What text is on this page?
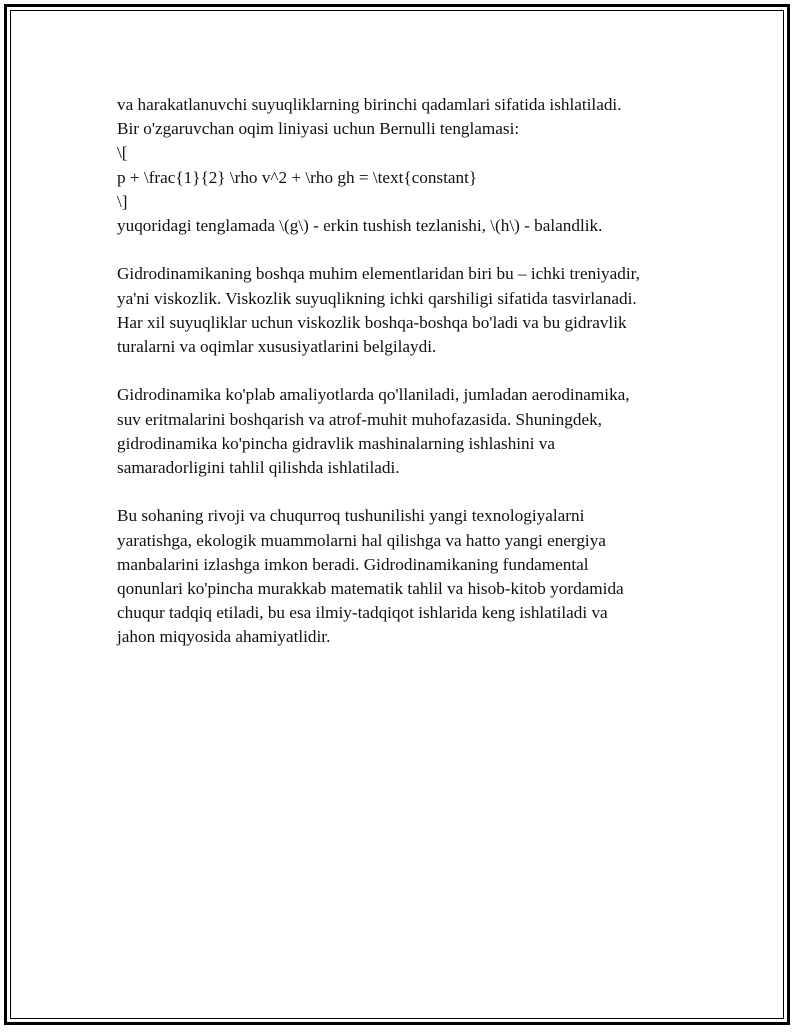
va harakatlanuvchi suyuqliklarning birinchi qadamlari sifatida ishlatiladi.
Bir o'zgaruvchan oqim liniyasi uchun Bernulli tenglamasi:
\[
p + \frac{1}{2} \rho v^2 + \rho gh = \text{constant}
\]
yuqoridagi tenglamada \(g\) - erkin tushish tezlanishi, \(h\) - balandlik.

Gidrodinamikaning boshqa muhim elementlaridan biri bu – ichki treniyadir,
ya'ni viskozlik. Viskozlik suyuqlikning ichki qarshiligi sifatida tasvirlanadi.
Har xil suyuqliklar uchun viskozlik boshqa-boshqa bo'ladi va bu gidravlik
turalarni va oqimlar xususiyatlarini belgilaydi.

Gidrodinamika ko'plab amaliyotlarda qo'llaniladi, jumladan aerodinamika,
suv eritmalarini boshqarish va atrof-muhit muhofazasida. Shuningdek,
gidrodinamika ko'pincha gidravlik mashinalarning ishlashini va
samaradorligini tahlil qilishda ishlatiladi.

Bu sohaning rivoji va chuqurroq tushunilishi yangi texnologiyalarni
yaratishga, ekologik muammolarni hal qilishga va hatto yangi energiya
manbalarini izlashga imkon beradi. Gidrodinamikaning fundamental
qonunlari ko'pincha murakkab matematik tahlil va hisob-kitob yordamida
chuqur tadqiq etiladi, bu esa ilmiy-tadqiqot ishlarida keng ishlatiladi va
jahon miqyosida ahamiyatlidir.
